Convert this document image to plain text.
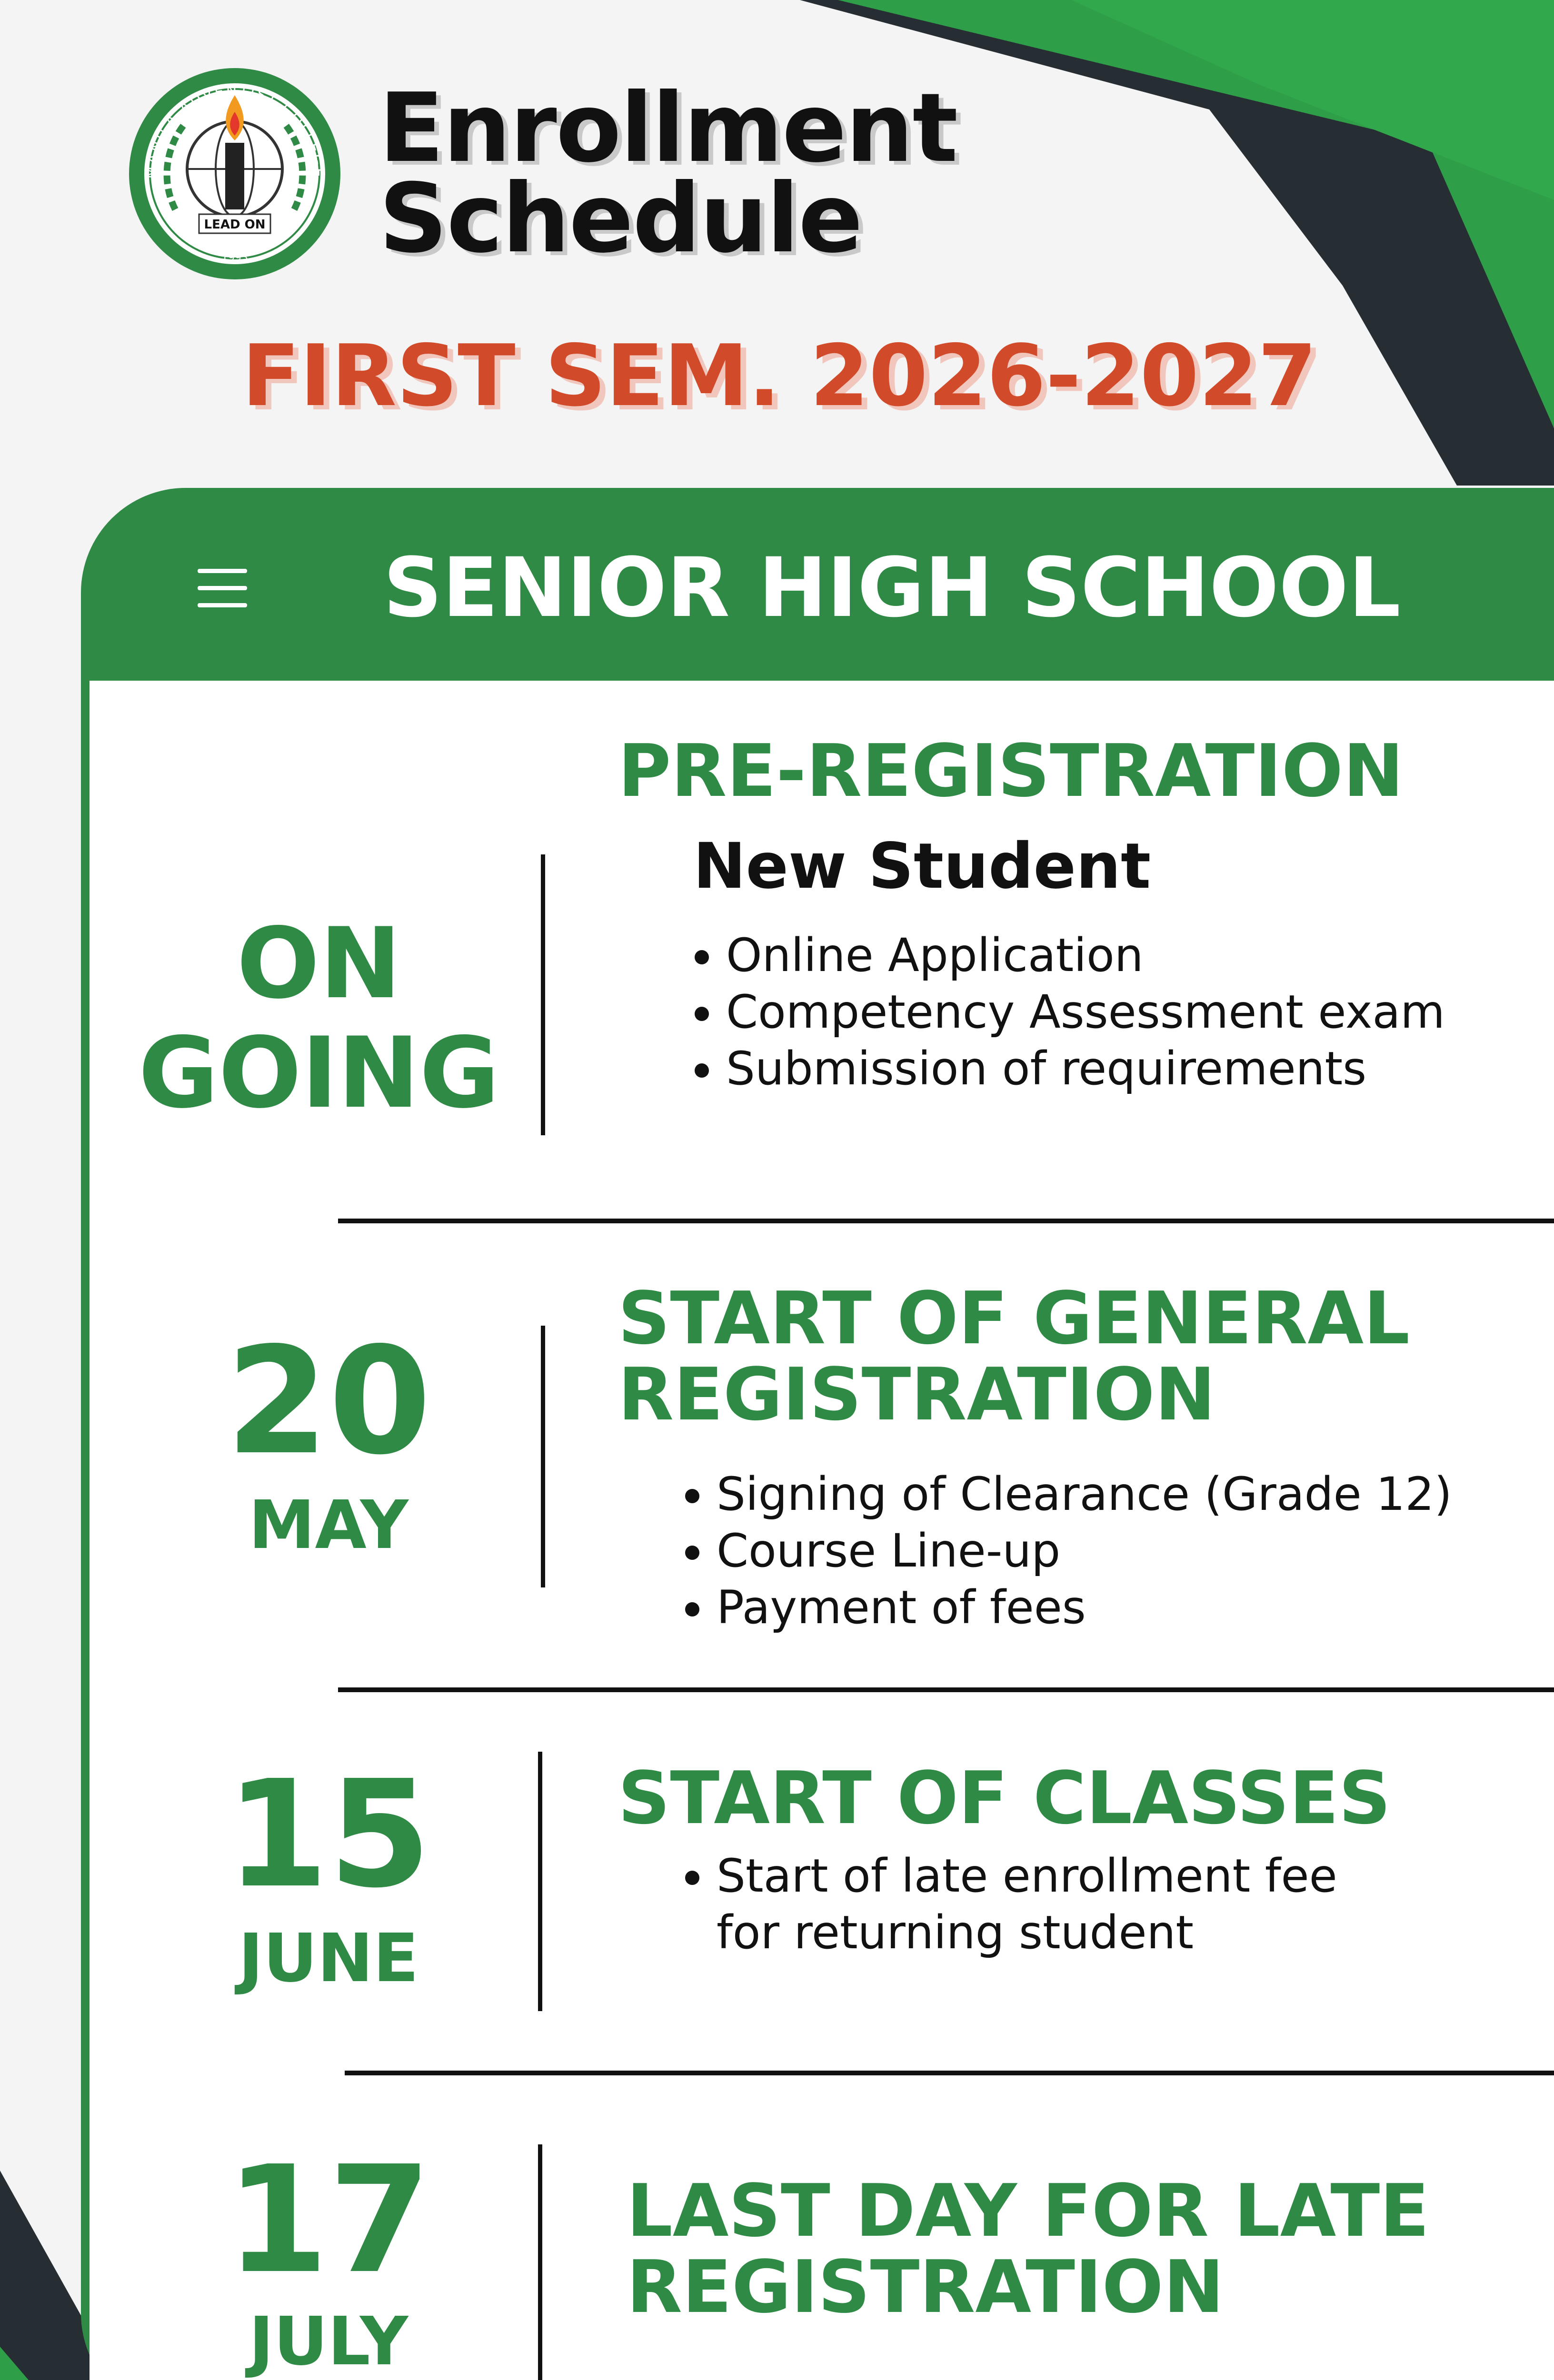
LEAD ON
1993
MANILA ADVENTIST COLLEGE Enrollment
Schedule
FIRST SEM. 2026-2027
SENIOR HIGH SCHOOL
ON
GOING
PRE-REGISTRATION
New Student
• Online Application
• Competency Assessment exam
• Submission of requirements
20
MAY
START OF GENERAL
REGISTRATION
• Signing of Clearance (Grade 12)
• Course Line-up
• Payment of fees
15
JUNE
START OF CLASSES
• Start of late enrollment fee
for returning student
17
JULY
LAST DAY FOR LATE
REGISTRATION
